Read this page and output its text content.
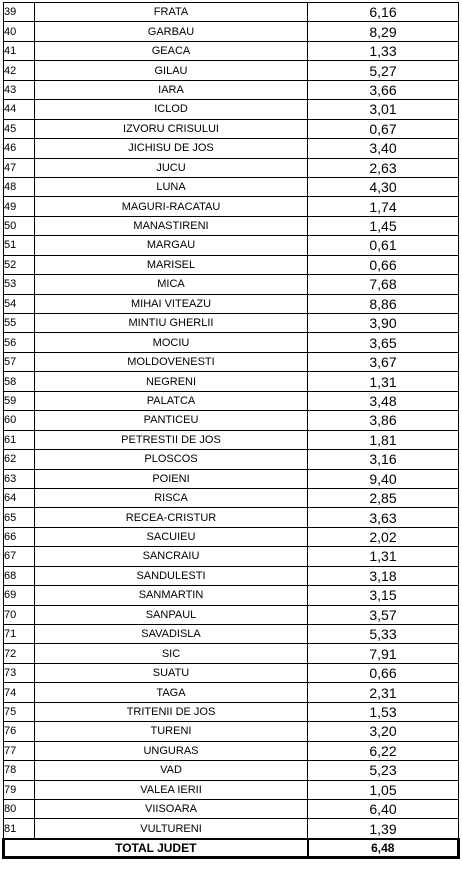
39	FRATA	6,16
40	GARBAU	8,29
41	GEACA	1,33
42	GILAU	5,27
43	IARA	3,66
44	ICLOD	3,01
45	IZVORU CRISULUI	0,67
46	JICHISU DE JOS	3,40
47	JUCU	2,63
48	LUNA	4,30
49	MAGURI-RACATAU	1,74
50	MANASTIRENI	1,45
51	MARGAU	0,61
52	MARISEL	0,66
53	MICA	7,68
54	MIHAI VITEAZU	8,86
55	MINTIU GHERLII	3,90
56	MOCIU	3,65
57	MOLDOVENESTI	3,67
58	NEGRENI	1,31
59	PALATCA	3,48
60	PANTICEU	3,86
61	PETRESTII DE JOS	1,81
62	PLOSCOS	3,16
63	POIENI	9,40
64	RISCA	2,85
65	RECEA-CRISTUR	3,63
66	SACUIEU	2,02
67	SANCRAIU	1,31
68	SANDULESTI	3,18
69	SANMARTIN	3,15
70	SANPAUL	3,57
71	SAVADISLA	5,33
72	SIC	7,91
73	SUATU	0,66
74	TAGA	2,31
75	TRITENII DE JOS	1,53
76	TURENI	3,20
77	UNGURAS	6,22
78	VAD	5,23
79	VALEA IERII	1,05
80	VIISOARA	6,40
81	VULTURENI	1,39
TOTAL JUDET		6,48
